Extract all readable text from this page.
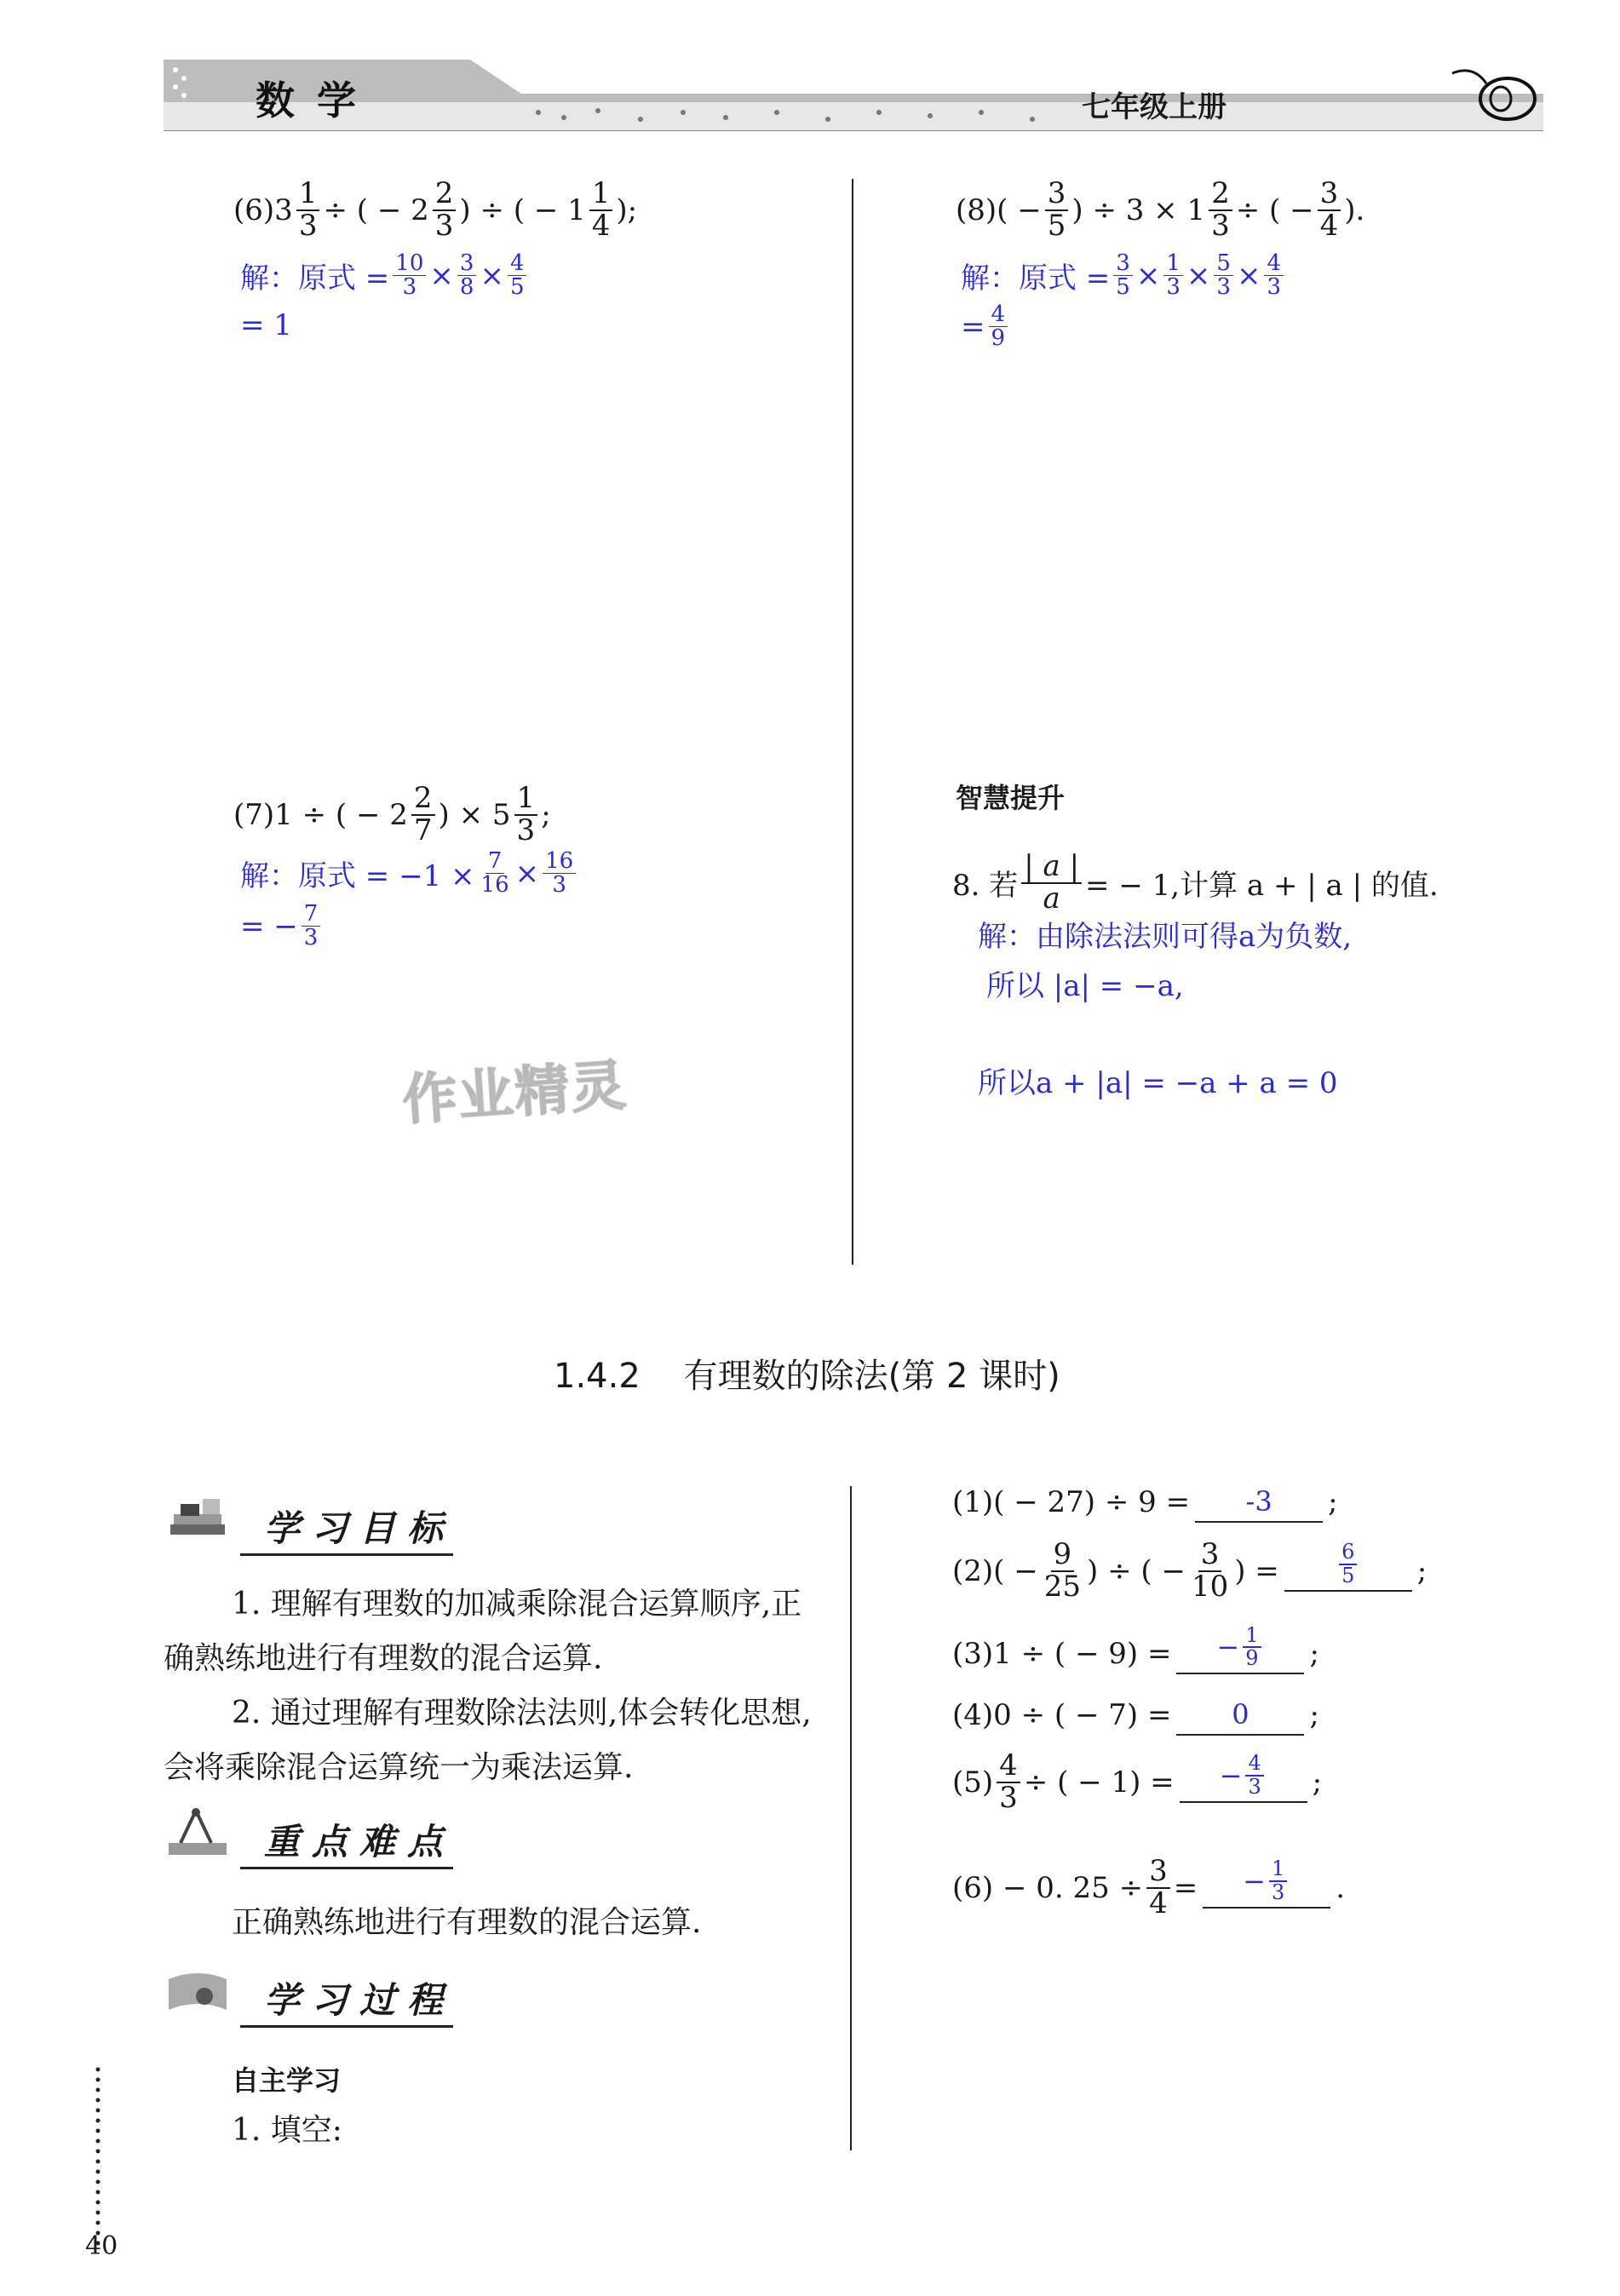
数学	七年级上册
(6) $3 \frac{1}{3}$ ÷ ( − 2 2
3 ) ÷ ( − 1 1
4 );
解：原式 = $\frac{10}{3} \times \frac{3}{8} \times \frac{4}{5}$
= 1
$(8)( - \frac{3}{5}$ ) ÷ $3 \times 1 \frac{2}{3}$ ÷ ( − $\frac{3}{4}$ ).
解：原式 = $\frac{3}{5} \times \frac{1}{3} \times \frac{5}{3} \times \frac{4}{3}$
= $\frac{4}{9}$
(7)1 ÷ ( − 2 2
7 ) × 5 1
3 ;
解：原式 = $-1 \times \frac{7}{16} \times \frac{16}{3}$
= − $\frac{7}{3}$
作业精灵
智慧提升
8. 若 $\frac{| a |}{a}$ = − 1,计算 a + | a | 的值.
解：由除法法则可得a为负数,
所以 |a| = −a,
所以a + |a| = −a + a = 0
1.4.2    有理数的除法(第 2 课时)
学习目标
1. 理解有理数的加减乘除混合运算顺序,正确熟练地进行有理数的混合运算.
2. 通过理解有理数除法法则,体会转化思想,会将乘除混合运算统一为乘法运算.
重点难点
正确熟练地进行有理数的混合运算.
学习过程
自主学习
1. 填空:
(1)( − 27) ÷ 9 =	-3	;
$(2)( - \frac{9}{25}$ ) ÷ ( − $\frac{3}{10}$ ) =
6
5 ;
(3)1 ÷ ( − 9) = − $\frac{1}{9}$ ;
(4)0 ÷ ( − 7) =	0	;
$(5) \frac{4}{3}$ ÷ ( − 1) = − $\frac{4}{3}$ ;
(6) − 0. $25 \div \frac{3}{4}$ = − $\frac{1}{3}$ .
40
